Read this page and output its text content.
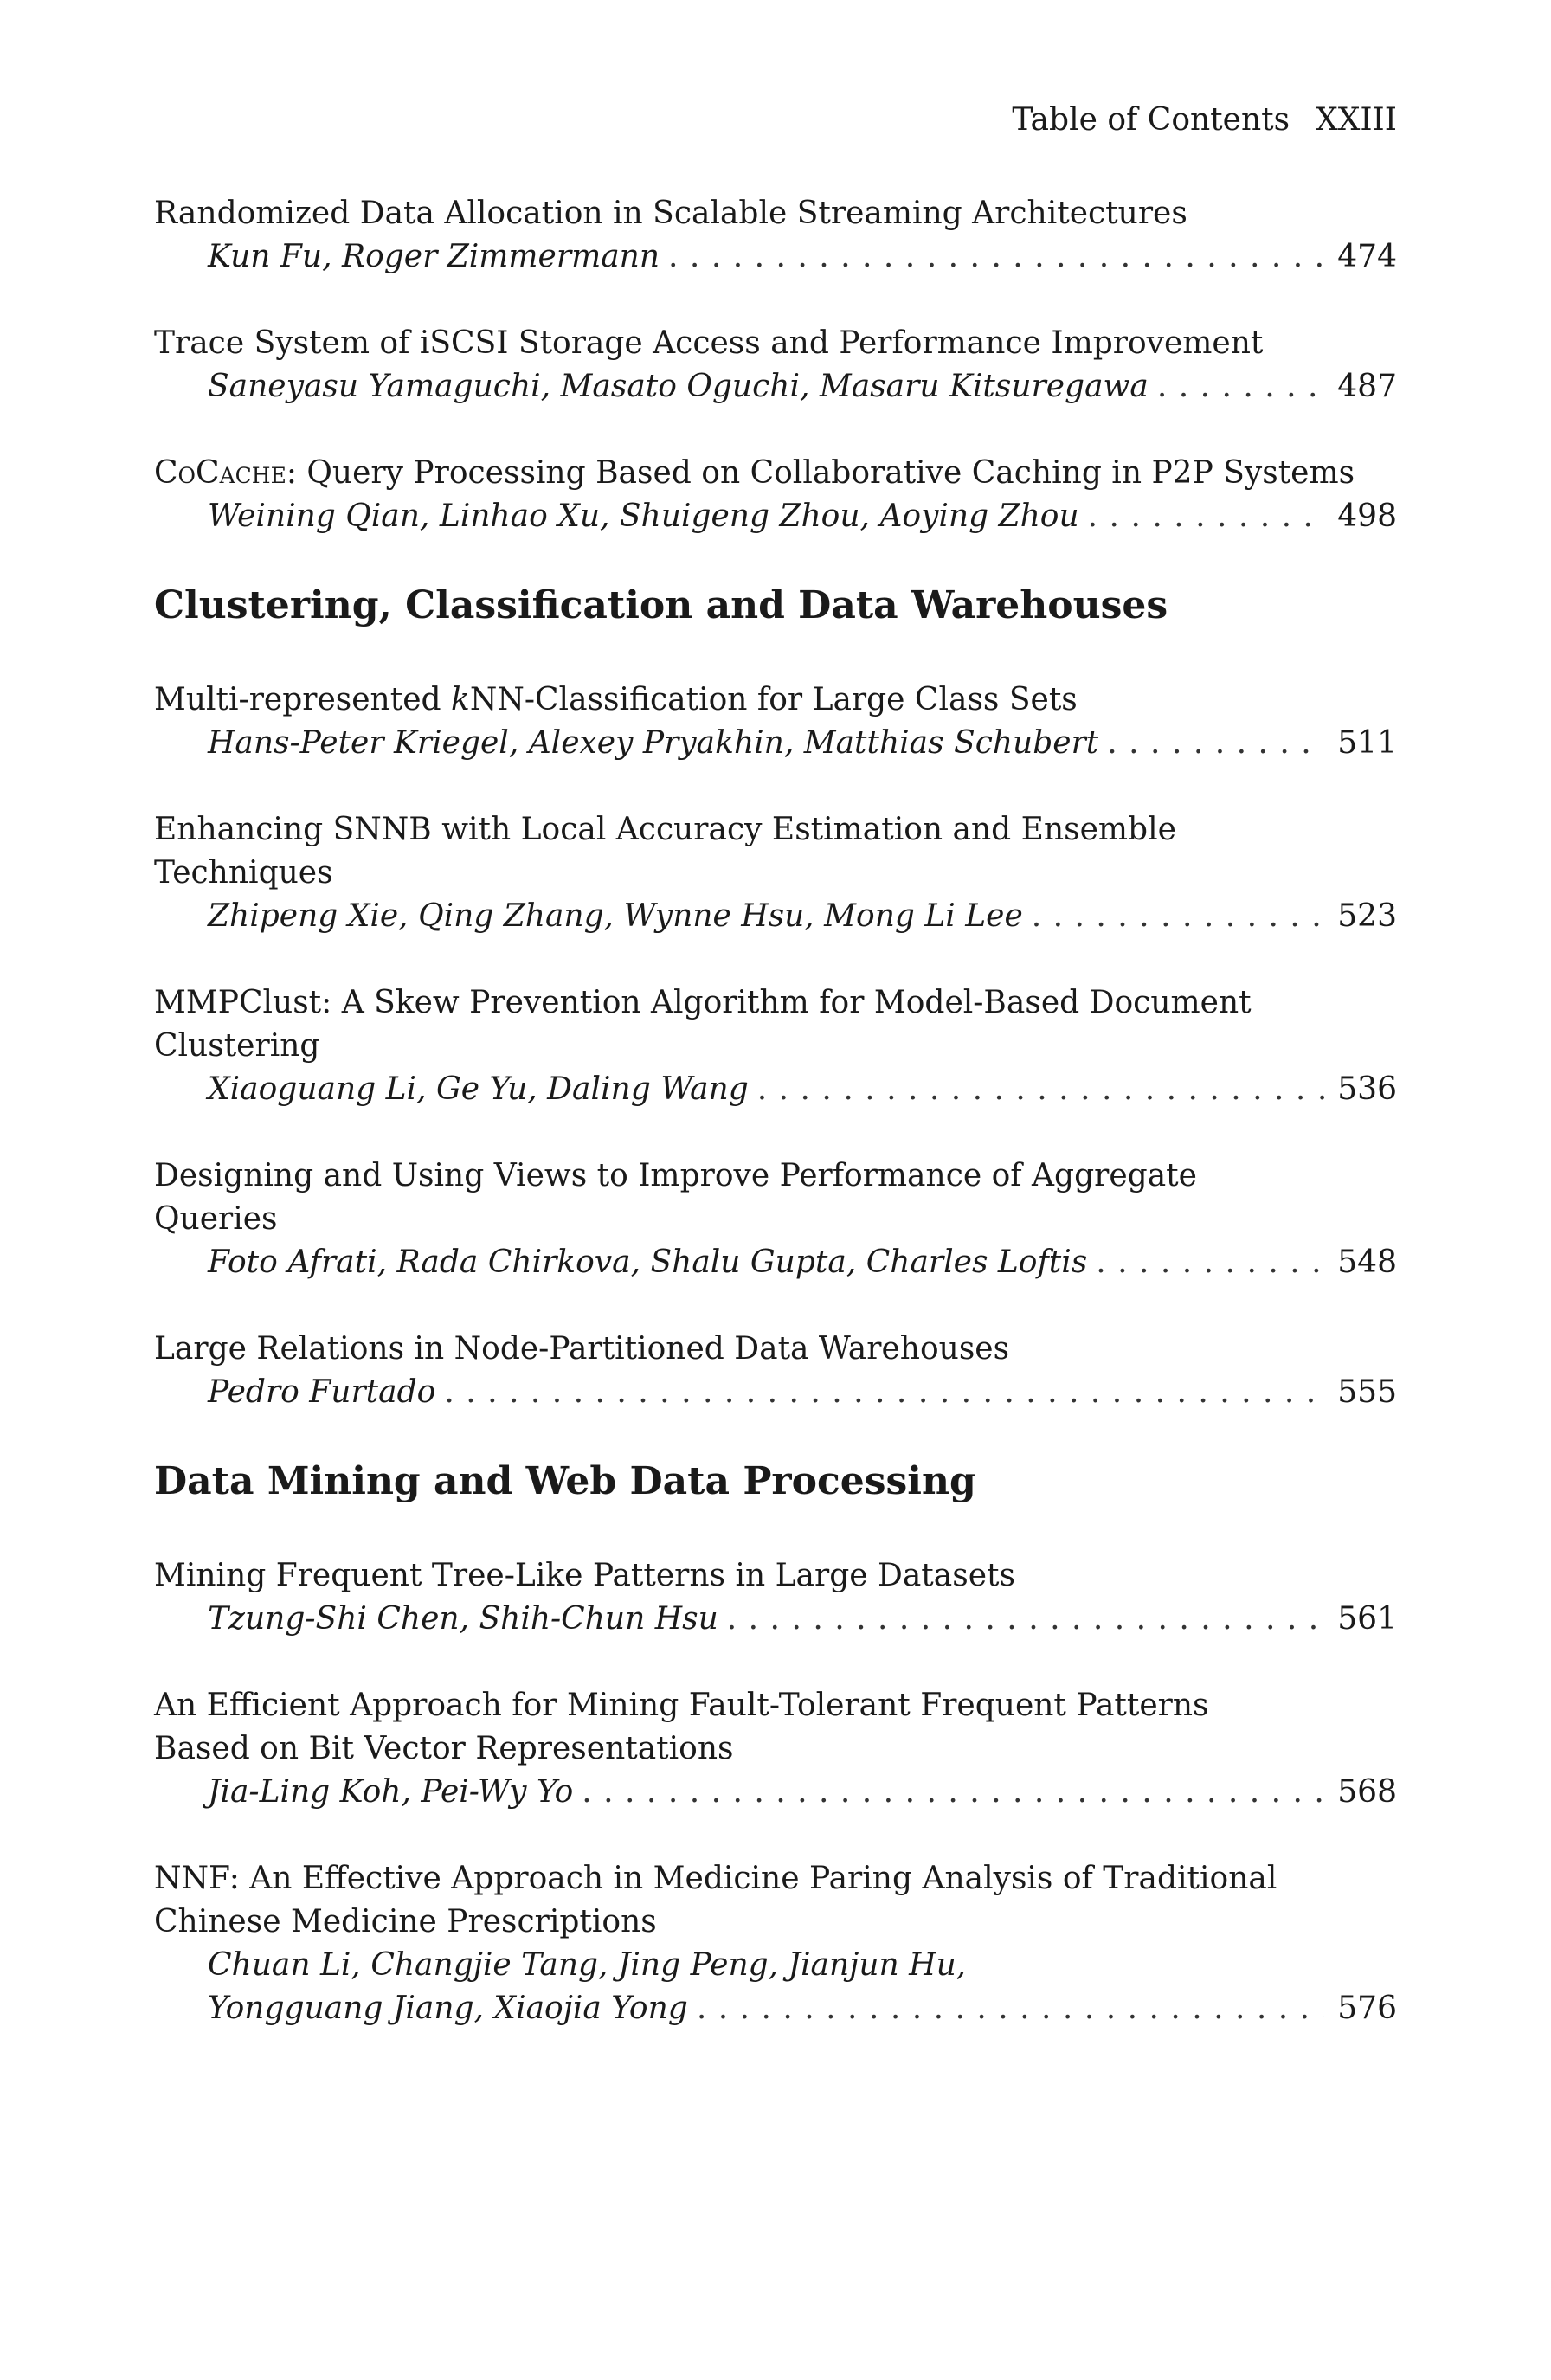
Table of Contents XXIII
Randomized Data Allocation in Scalable Streaming Architectures
Kun Fu, Roger Zimmermann . . .	474
Trace System of iSCSI Storage Access and Performance Improvement
Saneyasu Yamaguchi, Masato Oguchi, Masaru Kitsuregawa . . .	487
CoCache: Query Processing Based on Collaborative Caching in P2P Systems
Weining Qian, Linhao Xu, Shuigeng Zhou, Aoying Zhou . . .	498
Clustering, Classification and Data Warehouses
Multi-represented kNN-Classification for Large Class Sets
Hans-Peter Kriegel, Alexey Pryakhin, Matthias Schubert . . .	511
Enhancing SNNB with Local Accuracy Estimation and Ensemble Techniques
Zhipeng Xie, Qing Zhang, Wynne Hsu, Mong Li Lee . . .	523
MMPClust: A Skew Prevention Algorithm for Model-Based Document Clustering
Xiaoguang Li, Ge Yu, Daling Wang . . .	536
Designing and Using Views to Improve Performance of Aggregate Queries
Foto Afrati, Rada Chirkova, Shalu Gupta, Charles Loftis . . .	548
Large Relations in Node-Partitioned Data Warehouses
Pedro Furtado . . .	555
Data Mining and Web Data Processing
Mining Frequent Tree-Like Patterns in Large Datasets
Tzung-Shi Chen, Shih-Chun Hsu . . .	561
An Efficient Approach for Mining Fault-Tolerant Frequent Patterns Based on Bit Vector Representations
Jia-Ling Koh, Pei-Wy Yo . . .	568
NNF: An Effective Approach in Medicine Paring Analysis of Traditional Chinese Medicine Prescriptions
Chuan Li, Changjie Tang, Jing Peng, Jianjun Hu,
Yongguang Jiang, Xiaojia Yong . . .	576
